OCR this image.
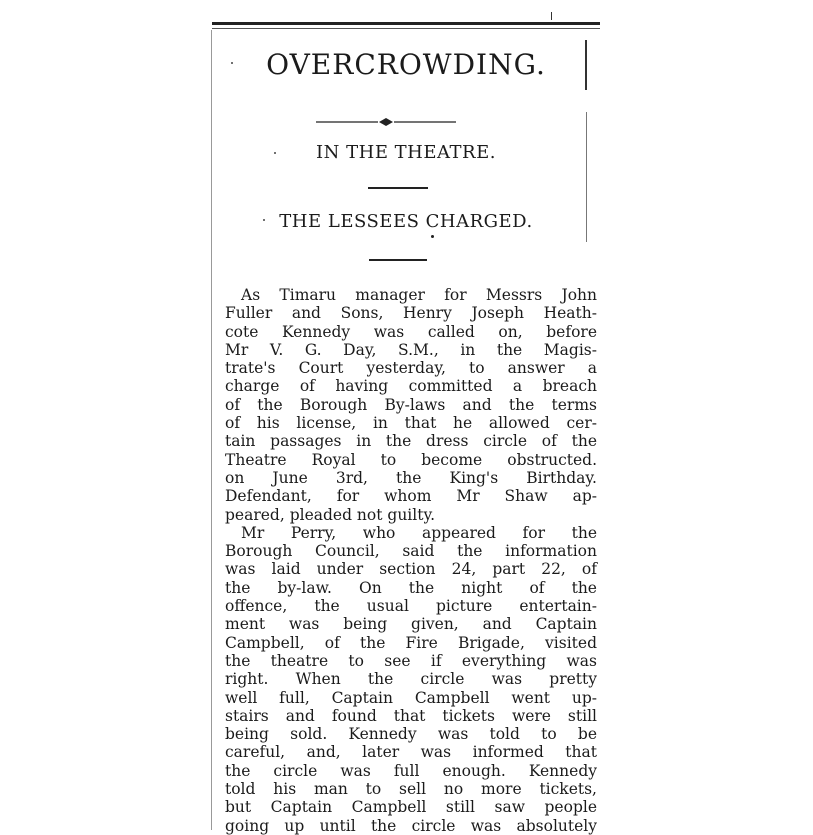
OVERCROWDING.
IN THE THEATRE.
THE LESSEES CHARGED.
As Timaru manager for Messrs John
Fuller and Sons, Henry Joseph Heath-
cote Kennedy was called on, before
Mr V. G. Day, S.M., in the Magis-
trate's Court yesterday, to answer a
charge of having committed a breach
of the Borough By-laws and the terms
of his license, in that he allowed cer-
tain passages in the dress circle of the
Theatre Royal to become obstructed.
on June 3rd, the King's Birthday.
Defendant, for whom Mr Shaw ap-
peared, pleaded not guilty.
Mr Perry, who appeared for the
Borough Council, said the information
was laid under section 24, part 22, of
the by-law. On the night of the
offence, the usual picture entertain-
ment was being given, and Captain
Campbell, of the Fire Brigade, visited
the theatre to see if everything was
right. When the circle was pretty
well full, Captain Campbell went up-
stairs and found that tickets were still
being sold. Kennedy was told to be
careful, and, later was informed that
the circle was full enough. Kennedy
told his man to sell no more tickets,
but Captain Campbell still saw people
going up until the circle was absolutely
